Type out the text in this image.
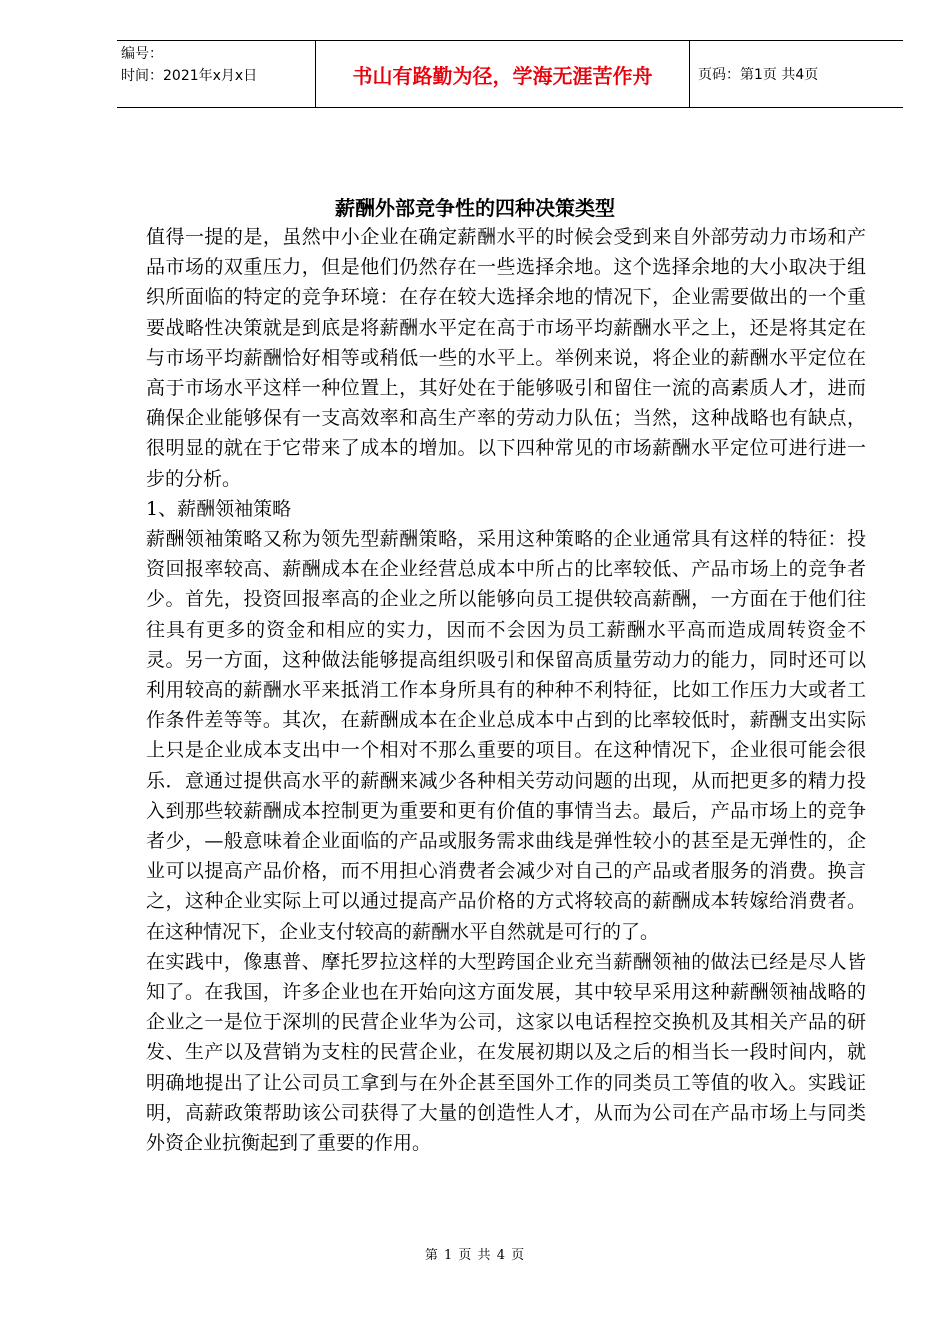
编号：
时间：2021年x月x日	书山有路勤为径，学海无涯苦作舟	页码：第1页 共4页
薪酬外部竞争性的四种决策类型

值得一提的是，虽然中小企业在确定薪酬水平的时候会受到来自外部劳动力市场和产品市场的双重压力，但是他们仍然存在一些选择余地。这个选择余地的大小取决于组织所面临的特定的竞争环境：在存在较大选择余地的情况下，企业需要做出的一个重要战略性决策就是到底是将薪酬水平定在高于市场平均薪酬水平之上，还是将其定在与市场平均薪酬恰好相等或稍低一些的水平上。举例来说，将企业的薪酬水平定位在高于市场水平这样一种位置上，其好处在于能够吸引和留住一流的高素质人才，进而确保企业能够保有一支高效率和高生产率的劳动力队伍；当然，这种战略也有缺点，很明显的就在于它带来了成本的增加。以下四种常见的市场薪酬水平定位可进行进一步的分析。

1、薪酬领袖策略

薪酬领袖策略又称为领先型薪酬策略，采用这种策略的企业通常具有这样的特征：投资回报率较高、薪酬成本在企业经营总成本中所占的比率较低、产品市场上的竞争者少。首先，投资回报率高的企业之所以能够向员工提供较高薪酬，一方面在于他们往往具有更多的资金和相应的实力，因而不会因为员工薪酬水平高而造成周转资金不灵。另一方面，这种做法能够提高组织吸引和保留高质量劳动力的能力，同时还可以利用较高的薪酬水平来抵消工作本身所具有的种种不利特征，比如工作压力大或者工作条件差等等。其次，在薪酬成本在企业总成本中占到的比率较低时，薪酬支出实际上只是企业成本支出中一个相对不那么重要的项目。在这种情况下，企业很可能会很乐．意通过提供高水平的薪酬来减少各种相关劳动问题的出现，从而把更多的精力投入到那些较薪酬成本控制更为重要和更有价值的事情当去。最后，产品市场上的竞争者少，—般意味着企业面临的产品或服务需求曲线是弹性较小的甚至是无弹性的，企业可以提高产品价格，而不用担心消费者会减少对自己的产品或者服务的消费。换言之，这种企业实际上可以通过提高产品价格的方式将较高的薪酬成本转嫁给消费者。在这种情况下，企业支付较高的薪酬水平自然就是可行的了。

在实践中，像惠普、摩托罗拉这样的大型跨国企业充当薪酬领袖的做法已经是尽人皆知了。在我国，许多企业也在开始向这方面发展，其中较早采用这种薪酬领袖战略的企业之一是位于深圳的民营企业华为公司，这家以电话程控交换机及其相关产品的研发、生产以及营销为支柱的民营企业，在发展初期以及之后的相当长一段时间内，就明确地提出了让公司员工拿到与在外企甚至国外工作的同类员工等值的收入。实践证明，高薪政策帮助该公司获得了大量的创造性人才，从而为公司在产品市场上与同类外资企业抗衡起到了重要的作用。

第 1 页 共 4 页
